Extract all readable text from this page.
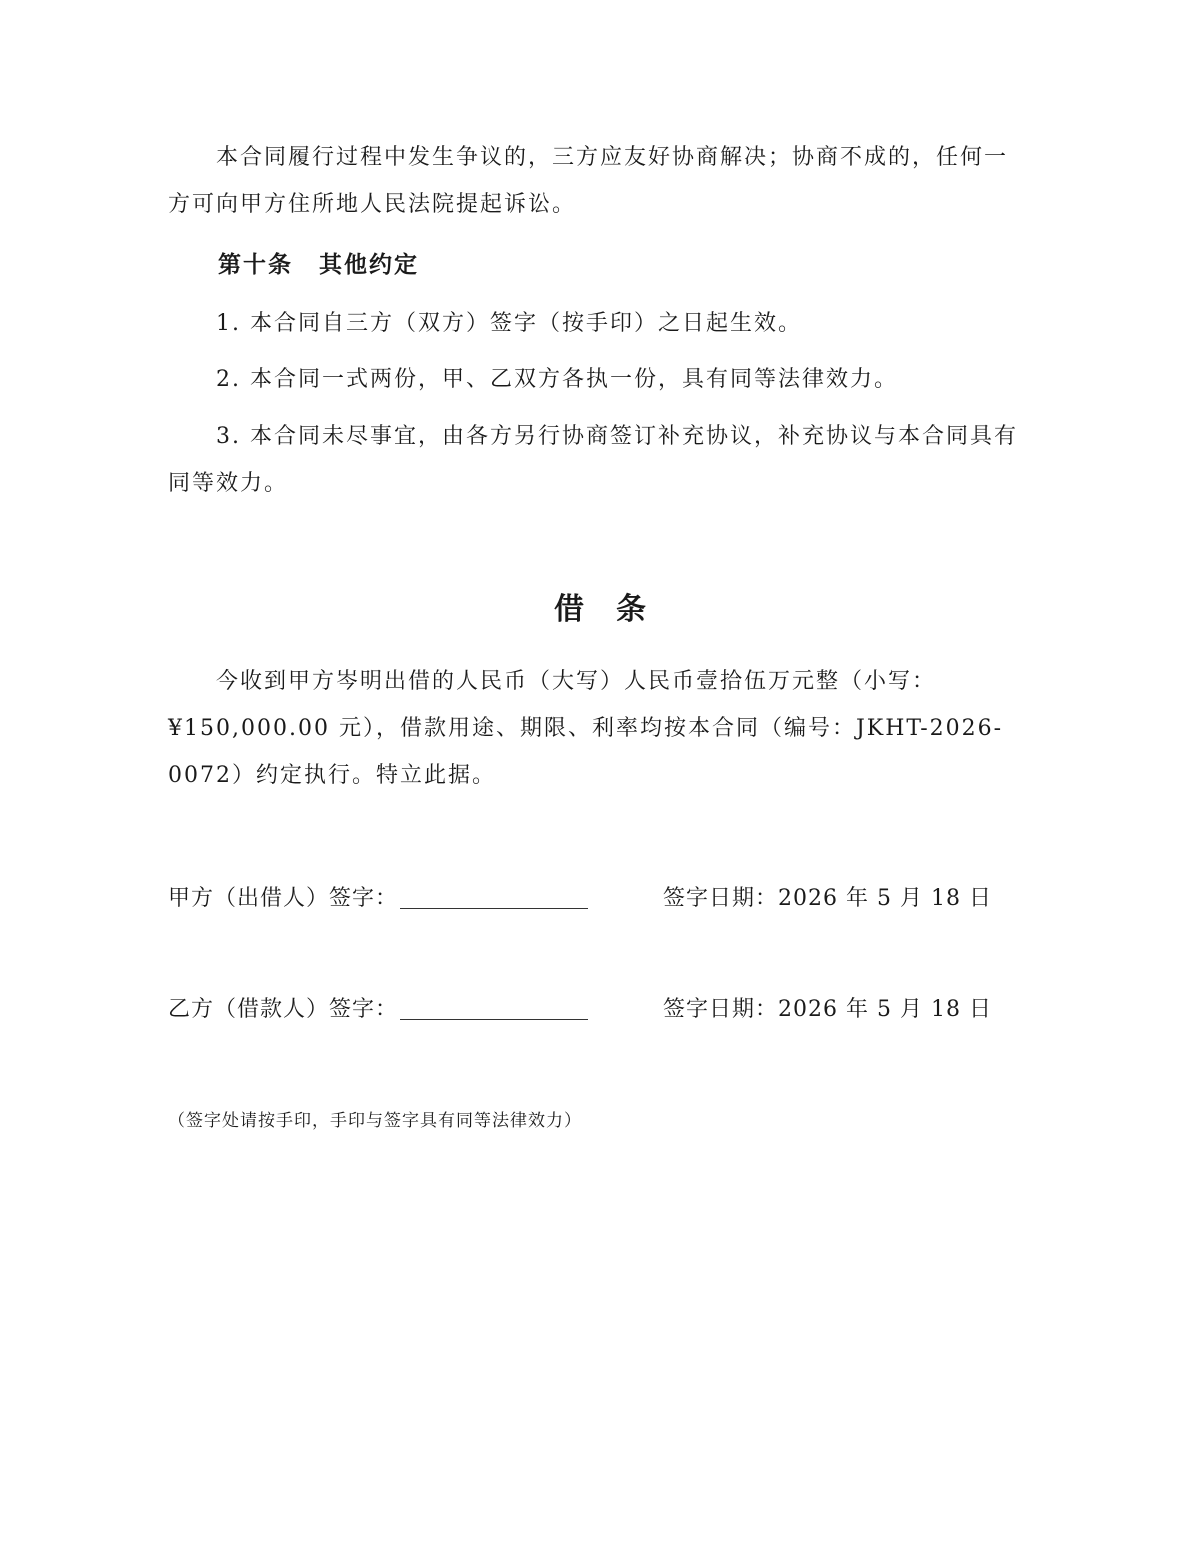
本合同履行过程中发生争议的，三方应友好协商解决；协商不成的，任何一方可向甲方住所地人民法院提起诉讼。

第十条 其他约定

1. 本合同自三方（双方）签字（按手印）之日起生效。

2. 本合同一式两份，甲、乙双方各执一份，具有同等法律效力。

3. 本合同未尽事宜，由各方另行协商签订补充协议，补充协议与本合同具有同等效力。

借条

今收到甲方岑明出借的人民币（大写）人民币壹拾伍万元整（小写：¥150,000.00 元），借款用途、期限、利率均按本合同（编号：JKHT-2026-0072）约定执行。特立此据。

甲方（出借人）签字：	签字日期：2026 年 5 月 18 日
乙方（借款人）签字：	签字日期：2026 年 5 月 18 日

（签字处请按手印，手印与签字具有同等法律效力）
